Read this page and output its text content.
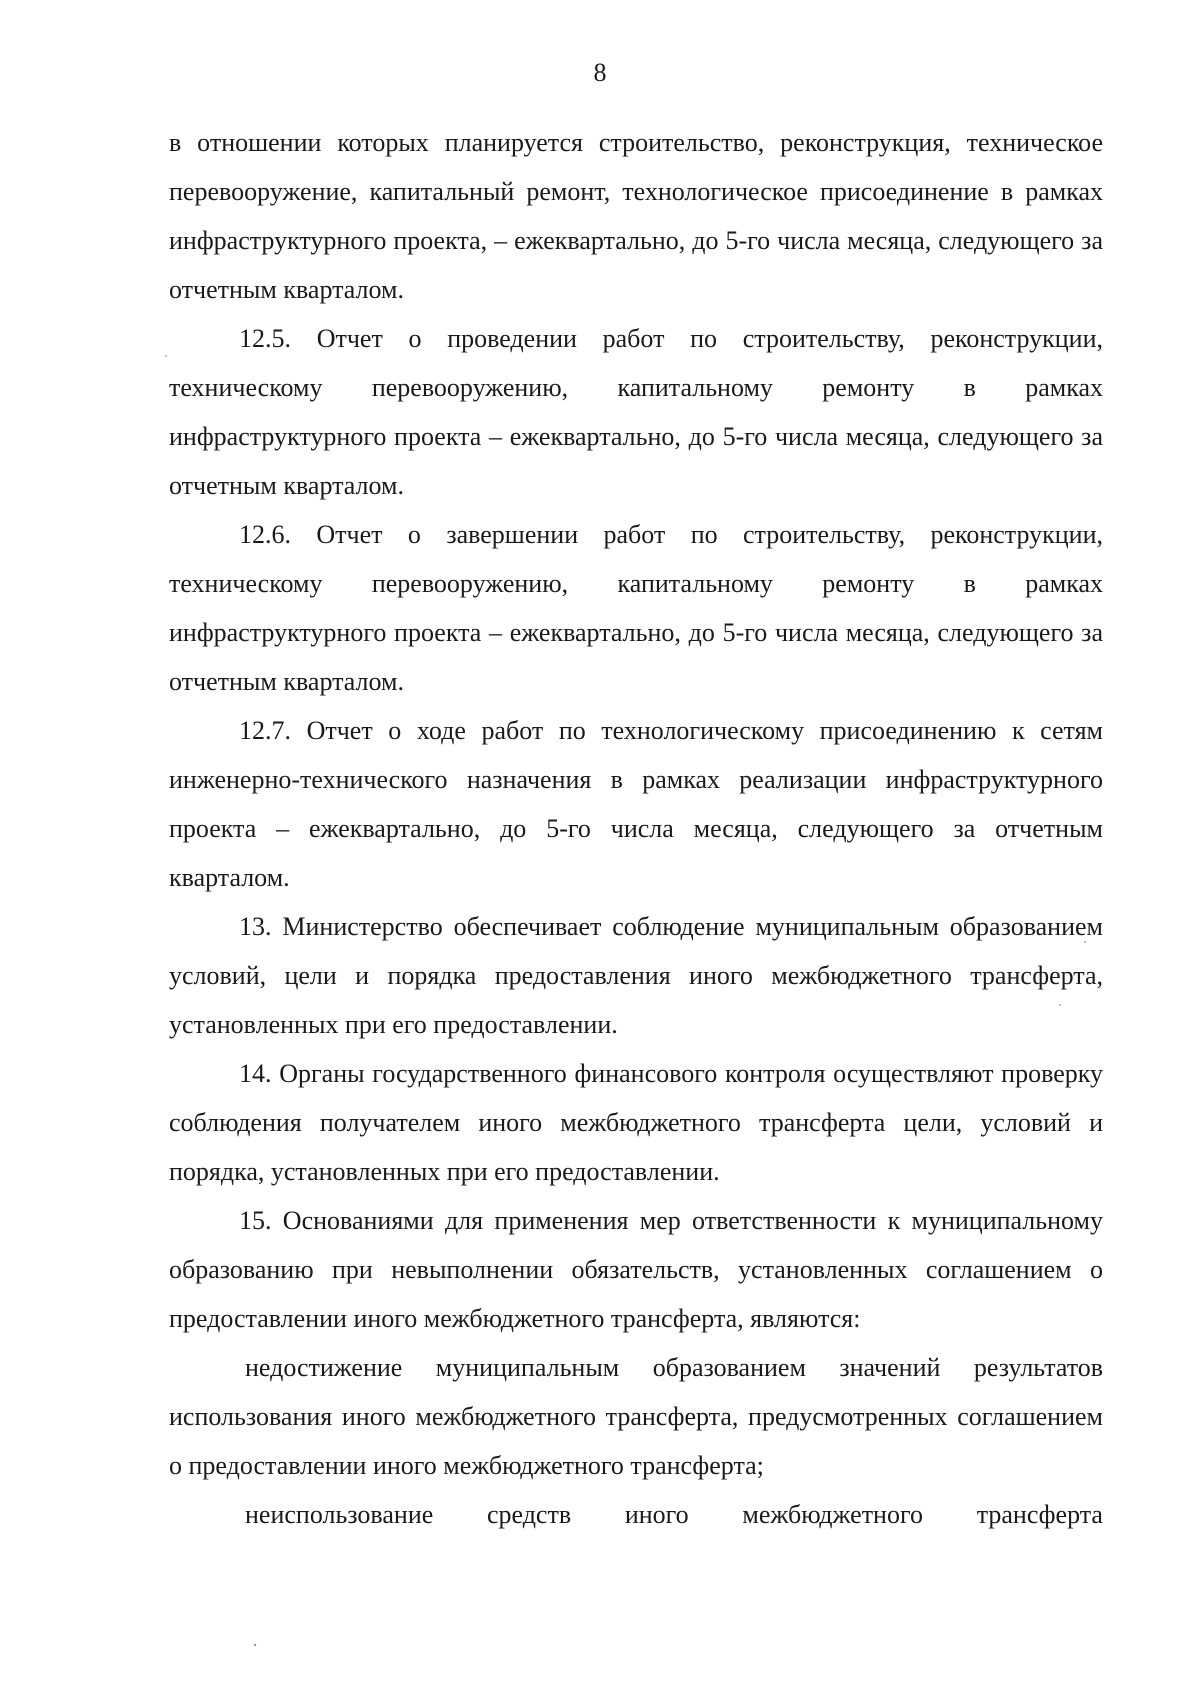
8

в отношении которых планируется строительство, реконструкция, техническое перевооружение, капитальный ремонт, технологическое присоединение в рамках инфраструктурного проекта, – ежеквартально, до 5-го числа месяца, следующего за отчетным кварталом.

12.5. Отчет о проведении работ по строительству, реконструкции, техническому перевооружению, капитальному ремонту в рамках инфраструктурного проекта – ежеквартально, до 5-го числа месяца, следующего за отчетным кварталом.

12.6. Отчет о завершении работ по строительству, реконструкции, техническому перевооружению, капитальному ремонту в рамках инфраструктурного проекта – ежеквартально, до 5-го числа месяца, следующего за отчетным кварталом.

12.7. Отчет о ходе работ по технологическому присоединению к сетям инженерно-технического назначения в рамках реализации инфраструктурного проекта – ежеквартально, до 5-го числа месяца, следующего за отчетным кварталом.

13. Министерство обеспечивает соблюдение муниципальным образованием условий, цели и порядка предоставления иного межбюджетного трансферта, установленных при его предоставлении.

14. Органы государственного финансового контроля осуществляют проверку соблюдения получателем иного межбюджетного трансферта цели, условий и порядка, установленных при его предоставлении.

15. Основаниями для применения мер ответственности к муниципальному образованию при невыполнении обязательств, установленных соглашением о предоставлении иного межбюджетного трансферта, являются:

недостижение муниципальным образованием значений результатов использования иного межбюджетного трансферта, предусмотренных соглашением о предоставлении иного межбюджетного трансферта;

неиспользование средств иного межбюджетного трансферта
